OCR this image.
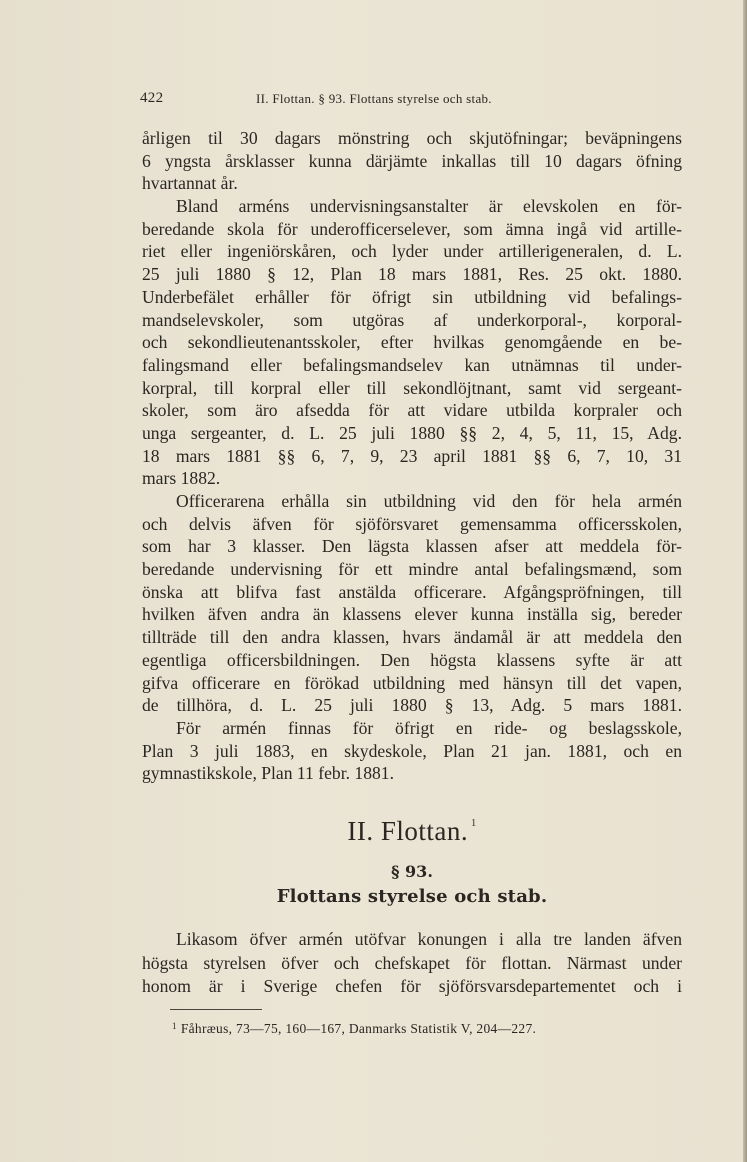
422	II. Flottan. § 93. Flottans styrelse och stab.
årligen til 30 dagars mönstring och skjutöfningar; beväpningens
6 yngsta årsklasser kunna därjämte inkallas till 10 dagars öfning
hvartannat år.
Bland arméns undervisningsanstalter är elevskolen en för-
beredande skola för underofficerselever, som ämna ingå vid artille-
riet eller ingeniörskåren, och lyder under artillerigeneralen, d. L.
25 juli 1880 § 12, Plan 18 mars 1881, Res. 25 okt. 1880.
Underbefälet erhåller för öfrigt sin utbildning vid befalings-
mandselevskoler, som utgöras af underkorporal-, korporal-
och sekondlieutenantsskoler, efter hvilkas genomgående en be-
falingsmand eller befalingsmandselev kan utnämnas til under-
korpral, till korpral eller till sekondlöjtnant, samt vid sergeant-
skoler, som äro afsedda för att vidare utbilda korpraler och
unga sergeanter, d. L. 25 juli 1880 §§ 2, 4, 5, 11, 15, Adg.
18 mars 1881 §§ 6, 7, 9, 23 april 1881 §§ 6, 7, 10, 31
mars 1882.
Officerarena erhålla sin utbildning vid den för hela armén
och delvis äfven för sjöförsvaret gemensamma officersskolen,
som har 3 klasser. Den lägsta klassen afser att meddela för-
beredande undervisning för ett mindre antal befalingsmænd, som
önska att blifva fast anstälda officerare. Afgångspröfningen, till
hvilken äfven andra än klassens elever kunna inställa sig, bereder
tillträde till den andra klassen, hvars ändamål är att meddela den
egentliga officersbildningen. Den högsta klassens syfte är att
gifva officerare en förökad utbildning med hänsyn till det vapen,
de tillhöra, d. L. 25 juli 1880 § 13, Adg. 5 mars 1881.
För armén finnas för öfrigt en ride- og beslagsskole,
Plan 3 juli 1883, en skydeskole, Plan 21 jan. 1881, och en
gymnastikskole, Plan 11 febr. 1881.
II. Flottan. $^1$
§ 93.
Flottans styrelse och stab.
Likasom öfver armén utöfvar konungen i alla tre landen äfven
högsta styrelsen öfver och chefskapet för flottan. Närmast under
honom är i Sverige chefen för sjöförsvarsdepartementet och i
$^1$ Fåhræus, 73—75, 160—167, Danmarks Statistik V, 204—227.
